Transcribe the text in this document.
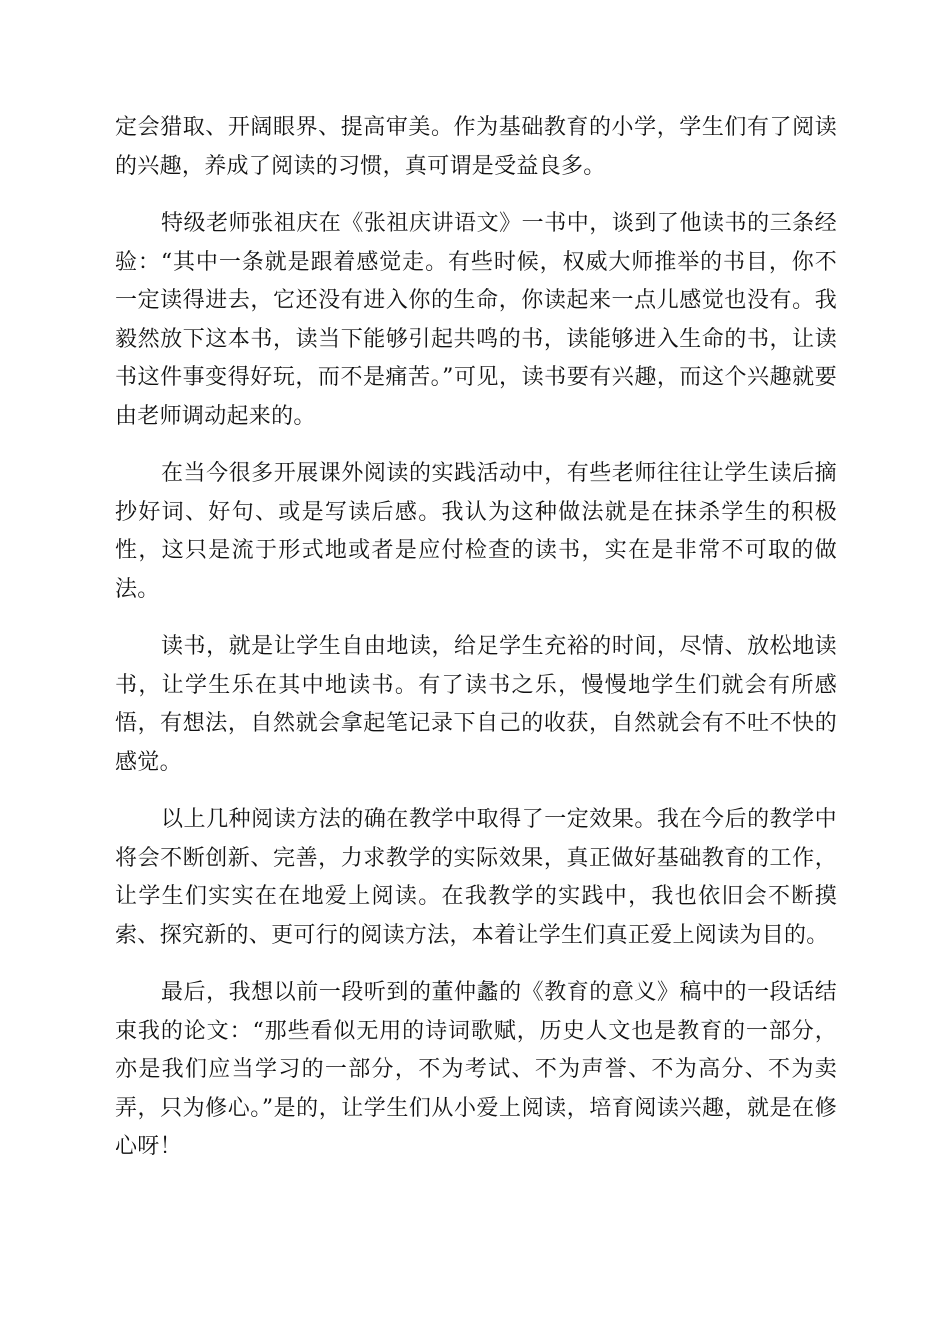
定会猎取、开阔眼界、提高审美。作为基础教育的小学，学生们有了阅读的兴趣，养成了阅读的习惯，真可谓是受益良多。

特级老师张祖庆在《张祖庆讲语文》一书中，谈到了他读书的三条经验：“其中一条就是跟着感觉走。有些时候，权威大师推举的书目，你不一定读得进去，它还没有进入你的生命，你读起来一点儿感觉也没有。我毅然放下这本书，读当下能够引起共鸣的书，读能够进入生命的书，让读书这件事变得好玩，而不是痛苦。”可见，读书要有兴趣，而这个兴趣就要由老师调动起来的。

在当今很多开展课外阅读的实践活动中，有些老师往往让学生读后摘抄好词、好句、或是写读后感。我认为这种做法就是在抹杀学生的积极性，这只是流于形式地或者是应付检查的读书，实在是非常不可取的做法。

读书，就是让学生自由地读，给足学生充裕的时间，尽情、放松地读书，让学生乐在其中地读书。有了读书之乐，慢慢地学生们就会有所感悟，有想法，自然就会拿起笔记录下自己的收获，自然就会有不吐不快的感觉。

以上几种阅读方法的确在教学中取得了一定效果。我在今后的教学中将会不断创新、完善，力求教学的实际效果，真正做好基础教育的工作，让学生们实实在在地爱上阅读。在我教学的实践中，我也依旧会不断摸索、探究新的、更可行的阅读方法，本着让学生们真正爱上阅读为目的。

最后，我想以前一段听到的董仲蠡的《教育的意义》稿中的一段话结束我的论文：“那些看似无用的诗词歌赋，历史人文也是教育的一部分，亦是我们应当学习的一部分，不为考试、不为声誉、不为高分、不为卖弄，只为修心。”是的，让学生们从小爱上阅读，培育阅读兴趣，就是在修心呀！
